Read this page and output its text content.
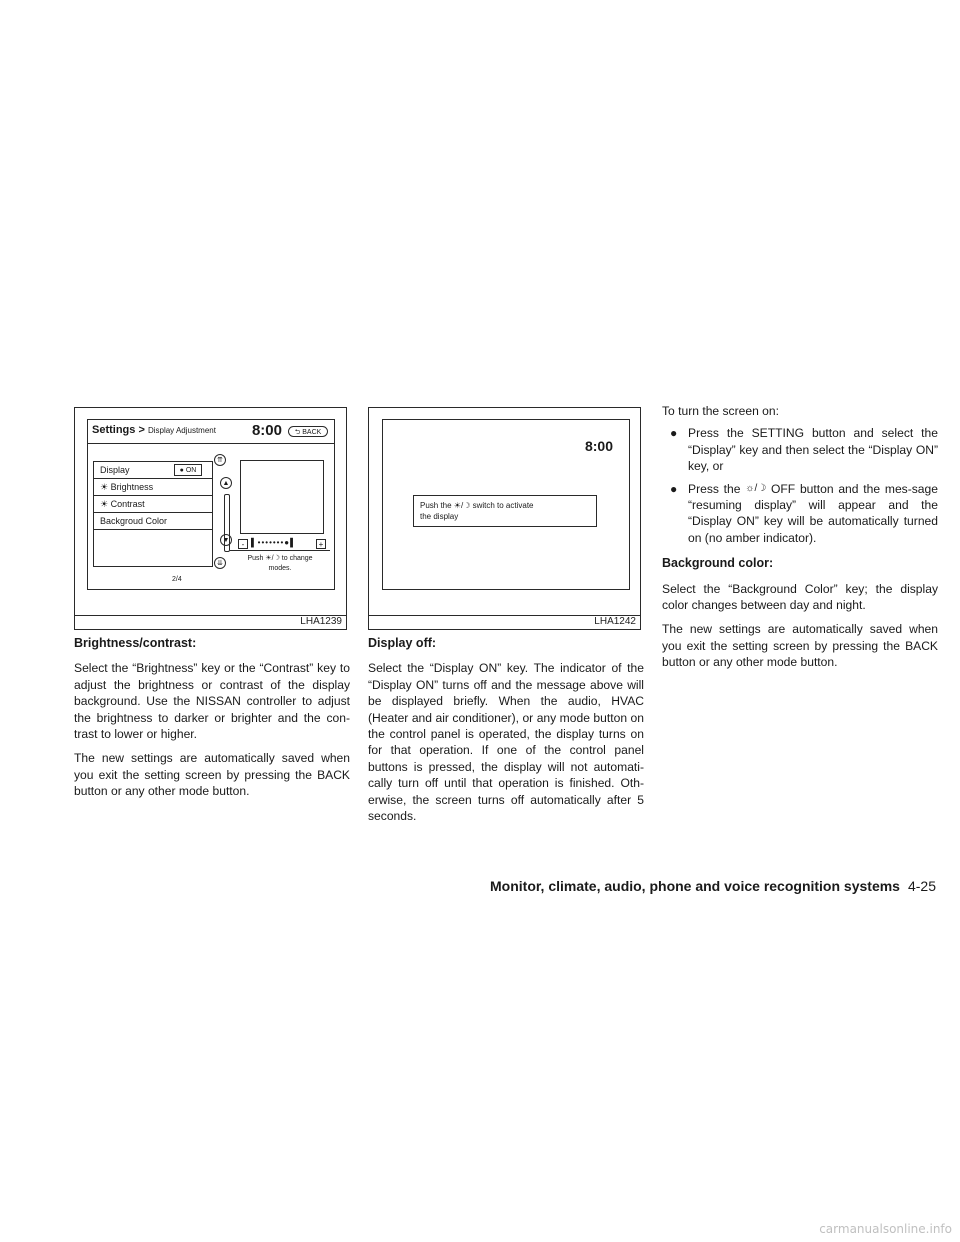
Settings > Display Adjustment 8:00	⮌ BACK
Display	● ON
☀ Brightness
☀ Contrast
Backgroud Color
⇈
▲
▼
⇊
2/4
- ▌•••••••●▌	+
Push ☀/☽ to change
modes.
LHA1239
8:00
Push the ☀/☽ switch to activate
the display
LHA1242
Brightness/contrast:

Select the “Brightness” key or the “Contrast” key to adjust the brightness or contrast of the display background. Use the NISSAN controller to adjust the brightness to darker or brighter and the con-trast to lower or higher.

The new settings are automatically saved when you exit the setting screen by pressing the BACK button or any other mode button.

Display off:

Select the “Display ON” key. The indicator of the “Display ON” turns off and the message above will be displayed briefly. When the audio, HVAC (Heater and air conditioner), or any mode button on the control panel is operated, the display turns on for that operation. If one of the control panel buttons is pressed, the display will not automati-cally turn off until that operation is finished. Oth-erwise, the screen turns off automatically after 5 seconds.

To turn the screen on:

● Press the SETTING button and select the “Display” key and then select the “Display ON” key, or
● Press the ☼/☽ OFF button and the mes-sage “resuming display” will appear and the “Display ON” key will be automatically turned on (no amber indicator).
Background color:

Select the “Background Color” key; the display color changes between day and night.

The new settings are automatically saved when you exit the setting screen by pressing the BACK button or any other mode button.

Monitor, climate, audio, phone and voice recognition systems 4-25
carmanualsonline.info
